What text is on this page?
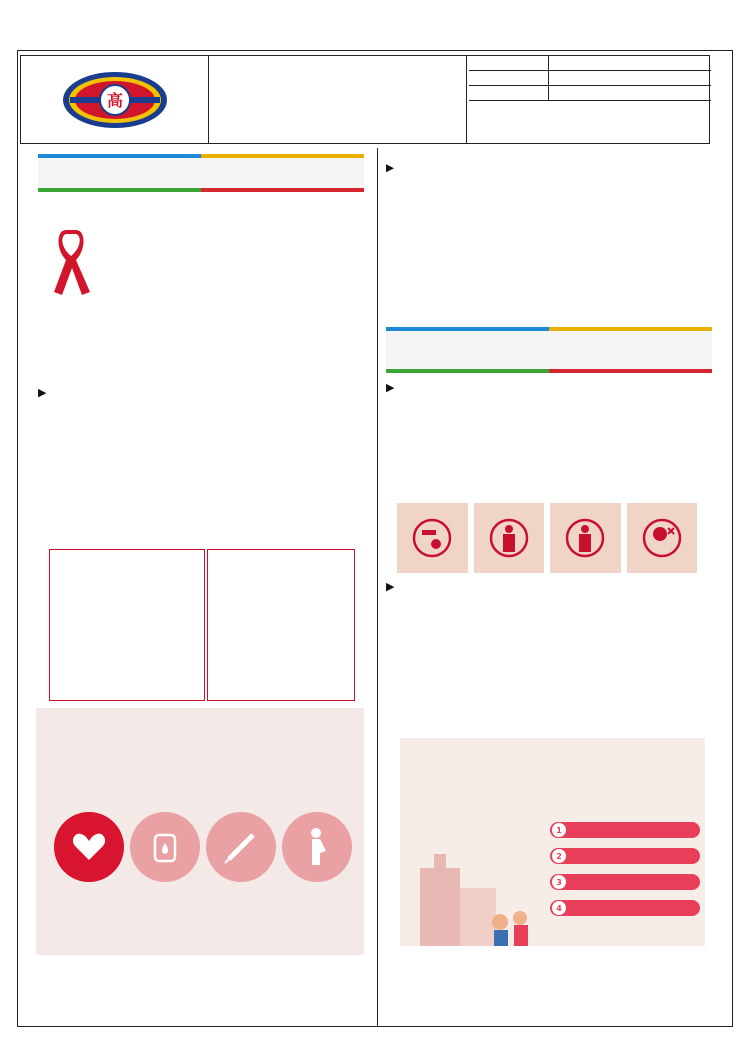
高
▶
▶
▶
▶
1
2
3
4
